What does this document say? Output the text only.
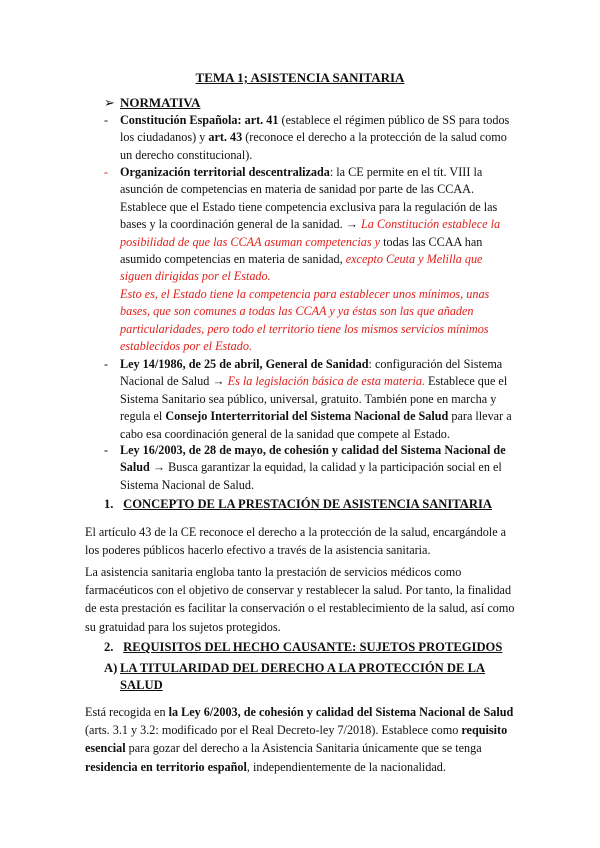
TEMA 1; ASISTENCIA SANITARIA
➢ NORMATIVA
- Constitución Española: art. 41 (establece el régimen público de SS para todos los ciudadanos) y art. 43 (reconoce el derecho a la protección de la salud como un derecho constitucional).
- Organización territorial descentralizada: la CE permite en el tít. VIII la asunción de competencias en materia de sanidad por parte de las CCAA. Establece que el Estado tiene competencia exclusiva para la regulación de las bases y la coordinación general de la sanidad. → La Constitución establece la posibilidad de que las CCAA asuman competencias y todas las CCAA han asumido competencias en materia de sanidad, excepto Ceuta y Melilla que siguen dirigidas por el Estado.
Esto es, el Estado tiene la competencia para establecer unos mínimos, unas bases, que son comunes a todas las CCAA y ya éstas son las que añaden particularidades, pero todo el territorio tiene los mismos servicios mínimos establecidos por el Estado.
- Ley 14/1986, de 25 de abril, General de Sanidad: configuración del Sistema Nacional de Salud → Es la legislación básica de esta materia. Establece que el Sistema Sanitario sea público, universal, gratuito. También pone en marcha y regula el Consejo Interterritorial del Sistema Nacional de Salud para llevar a cabo esa coordinación general de la sanidad que compete al Estado.
- Ley 16/2003, de 28 de mayo, de cohesión y calidad del Sistema Nacional de Salud → Busca garantizar la equidad, la calidad y la participación social en el Sistema Nacional de Salud.
1. CONCEPTO DE LA PRESTACIÓN DE ASISTENCIA SANITARIA
El artículo 43 de la CE reconoce el derecho a la protección de la salud, encargándole a los poderes públicos hacerlo efectivo a través de la asistencia sanitaria.
La asistencia sanitaria engloba tanto la prestación de servicios médicos como farmacéuticos con el objetivo de conservar y restablecer la salud. Por tanto, la finalidad de esta prestación es facilitar la conservación o el restablecimiento de la salud, así como su gratuidad para los sujetos protegidos.
2. REQUISITOS DEL HECHO CAUSANTE: SUJETOS PROTEGIDOS
A) LA TITULARIDAD DEL DERECHO A LA PROTECCIÓN DE LA SALUD
Está recogida en la Ley 6/2003, de cohesión y calidad del Sistema Nacional de Salud (arts. 3.1 y 3.2: modificado por el Real Decreto-ley 7/2018). Establece como requisito esencial para gozar del derecho a la Asistencia Sanitaria únicamente que se tenga residencia en territorio español, independientemente de la nacionalidad.
